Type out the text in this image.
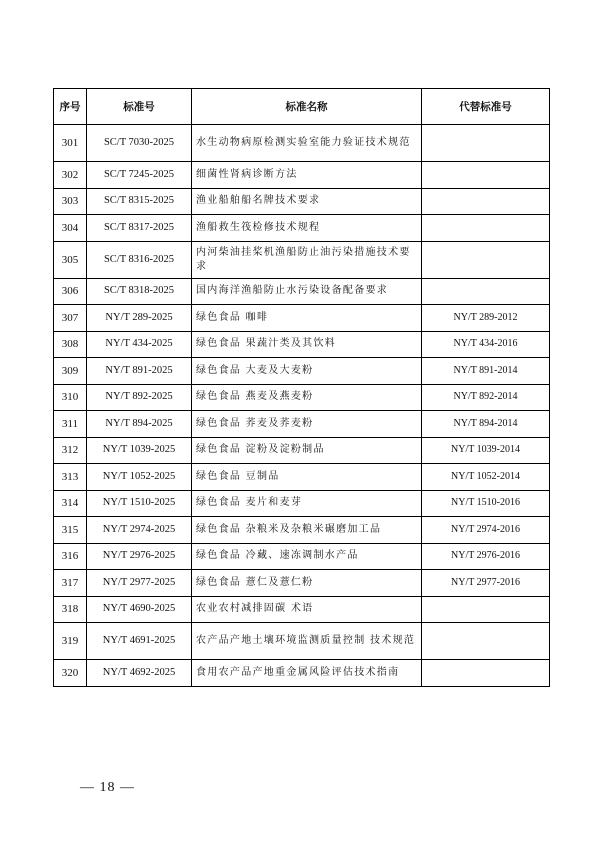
序号	标准号	标准名称	代替标准号
301	SC/T 7030-2025	水生动物病原检测实验室能力验证技术规范	
302	SC/T 7245-2025	细菌性肾病诊断方法	
303	SC/T 8315-2025	渔业船舶船名牌技术要求	
304	SC/T 8317-2025	渔船救生筏检修技术规程	
305	SC/T 8316-2025	内河柴油挂桨机渔船防止油污染措施技术要求	
306	SC/T 8318-2025	国内海洋渔船防止水污染设备配备要求	
307	NY/T 289-2025	绿色食品 咖啡	NY/T 289-2012
308	NY/T 434-2025	绿色食品 果蔬汁类及其饮料	NY/T 434-2016
309	NY/T 891-2025	绿色食品 大麦及大麦粉	NY/T 891-2014
310	NY/T 892-2025	绿色食品 燕麦及燕麦粉	NY/T 892-2014
311	NY/T 894-2025	绿色食品 荞麦及荞麦粉	NY/T 894-2014
312	NY/T 1039-2025	绿色食品 淀粉及淀粉制品	NY/T 1039-2014
313	NY/T 1052-2025	绿色食品 豆制品	NY/T 1052-2014
314	NY/T 1510-2025	绿色食品 麦片和麦芽	NY/T 1510-2016
315	NY/T 2974-2025	绿色食品 杂粮米及杂粮米碾磨加工品	NY/T 2974-2016
316	NY/T 2976-2025	绿色食品 冷藏、速冻调制水产品	NY/T 2976-2016
317	NY/T 2977-2025	绿色食品 薏仁及薏仁粉	NY/T 2977-2016
318	NY/T 4690-2025	农业农村减排固碳 术语	
319	NY/T 4691-2025	农产品产地土壤环境监测质量控制 技术规范	
320	NY/T 4692-2025	食用农产品产地重金属风险评估技术指南	
— 18 —
